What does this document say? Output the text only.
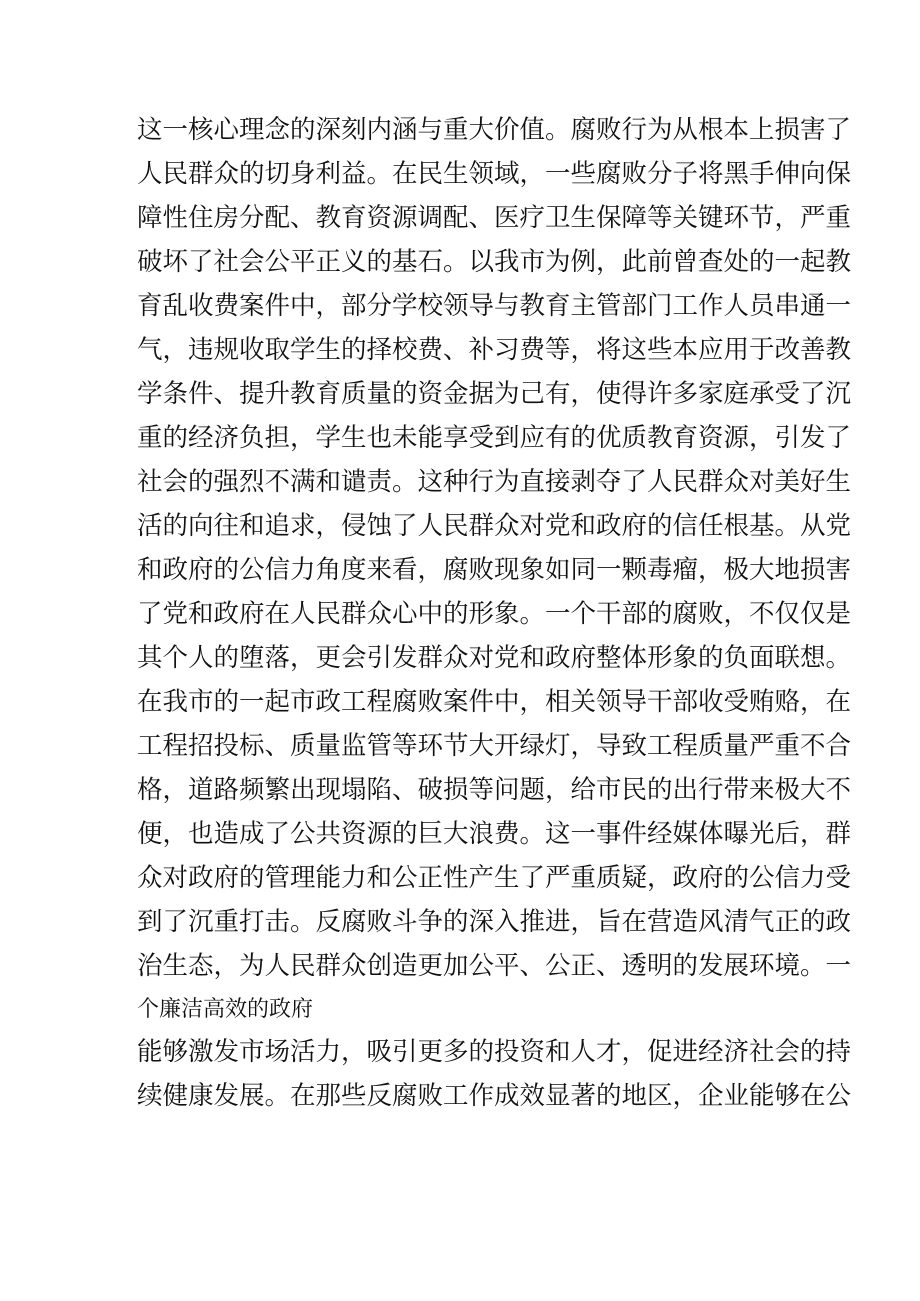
这一核心理念的深刻内涵与重大价值。腐败行为从根本上损害了
人民群众的切身利益。在民生领域，一些腐败分子将黑手伸向保
障性住房分配、教育资源调配、医疗卫生保障等关键环节，严重
破坏了社会公平正义的基石。以我市为例，此前曾查处的一起教
育乱收费案件中，部分学校领导与教育主管部门工作人员串通一
气，违规收取学生的择校费、补习费等，将这些本应用于改善教
学条件、提升教育质量的资金据为己有，使得许多家庭承受了沉
重的经济负担，学生也未能享受到应有的优质教育资源，引发了
社会的强烈不满和谴责。这种行为直接剥夺了人民群众对美好生
活的向往和追求，侵蚀了人民群众对党和政府的信任根基。从党
和政府的公信力角度来看，腐败现象如同一颗毒瘤，极大地损害
了党和政府在人民群众心中的形象。一个干部的腐败，不仅仅是
其个人的堕落，更会引发群众对党和政府整体形象的负面联想。
在我市的一起市政工程腐败案件中，相关领导干部收受贿赂，在
工程招投标、质量监管等环节大开绿灯，导致工程质量严重不合
格，道路频繁出现塌陷、破损等问题，给市民的出行带来极大不
便，也造成了公共资源的巨大浪费。这一事件经媒体曝光后，群
众对政府的管理能力和公正性产生了严重质疑，政府的公信力受
到了沉重打击。反腐败斗争的深入推进，旨在营造风清气正的政
治生态，为人民群众创造更加公平、公正、透明的发展环境。一
个廉洁高效的政府
能够激发市场活力，吸引更多的投资和人才，促进经济社会的持
续健康发展。在那些反腐败工作成效显著的地区，企业能够在公
